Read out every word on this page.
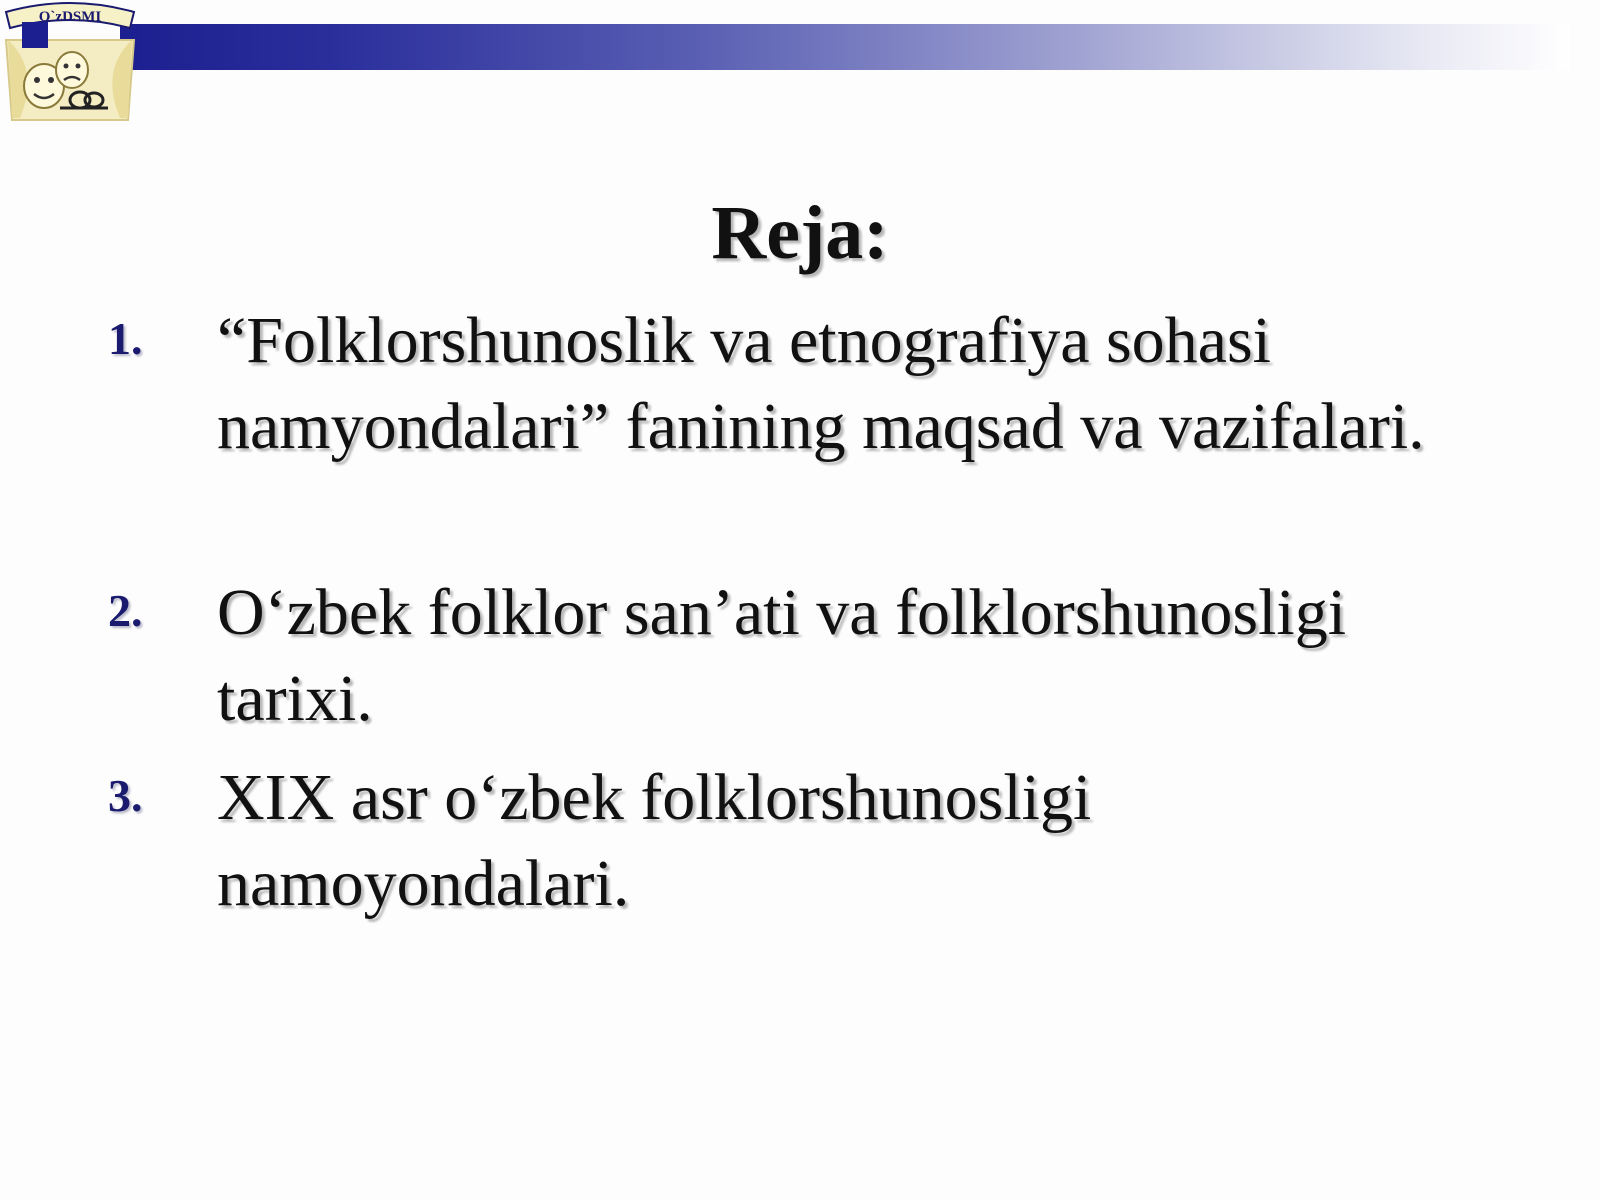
O`zDSMI
Reja:
1. “Folklorshunoslik va etnografiya sohasi namyondalari” fanining maqsad va vazifalari.
2. O‘zbek folklor san’ati va folklorshunosligi tarixi.
3. XIX asr o‘zbek folklorshunosligi namoyondalari.
